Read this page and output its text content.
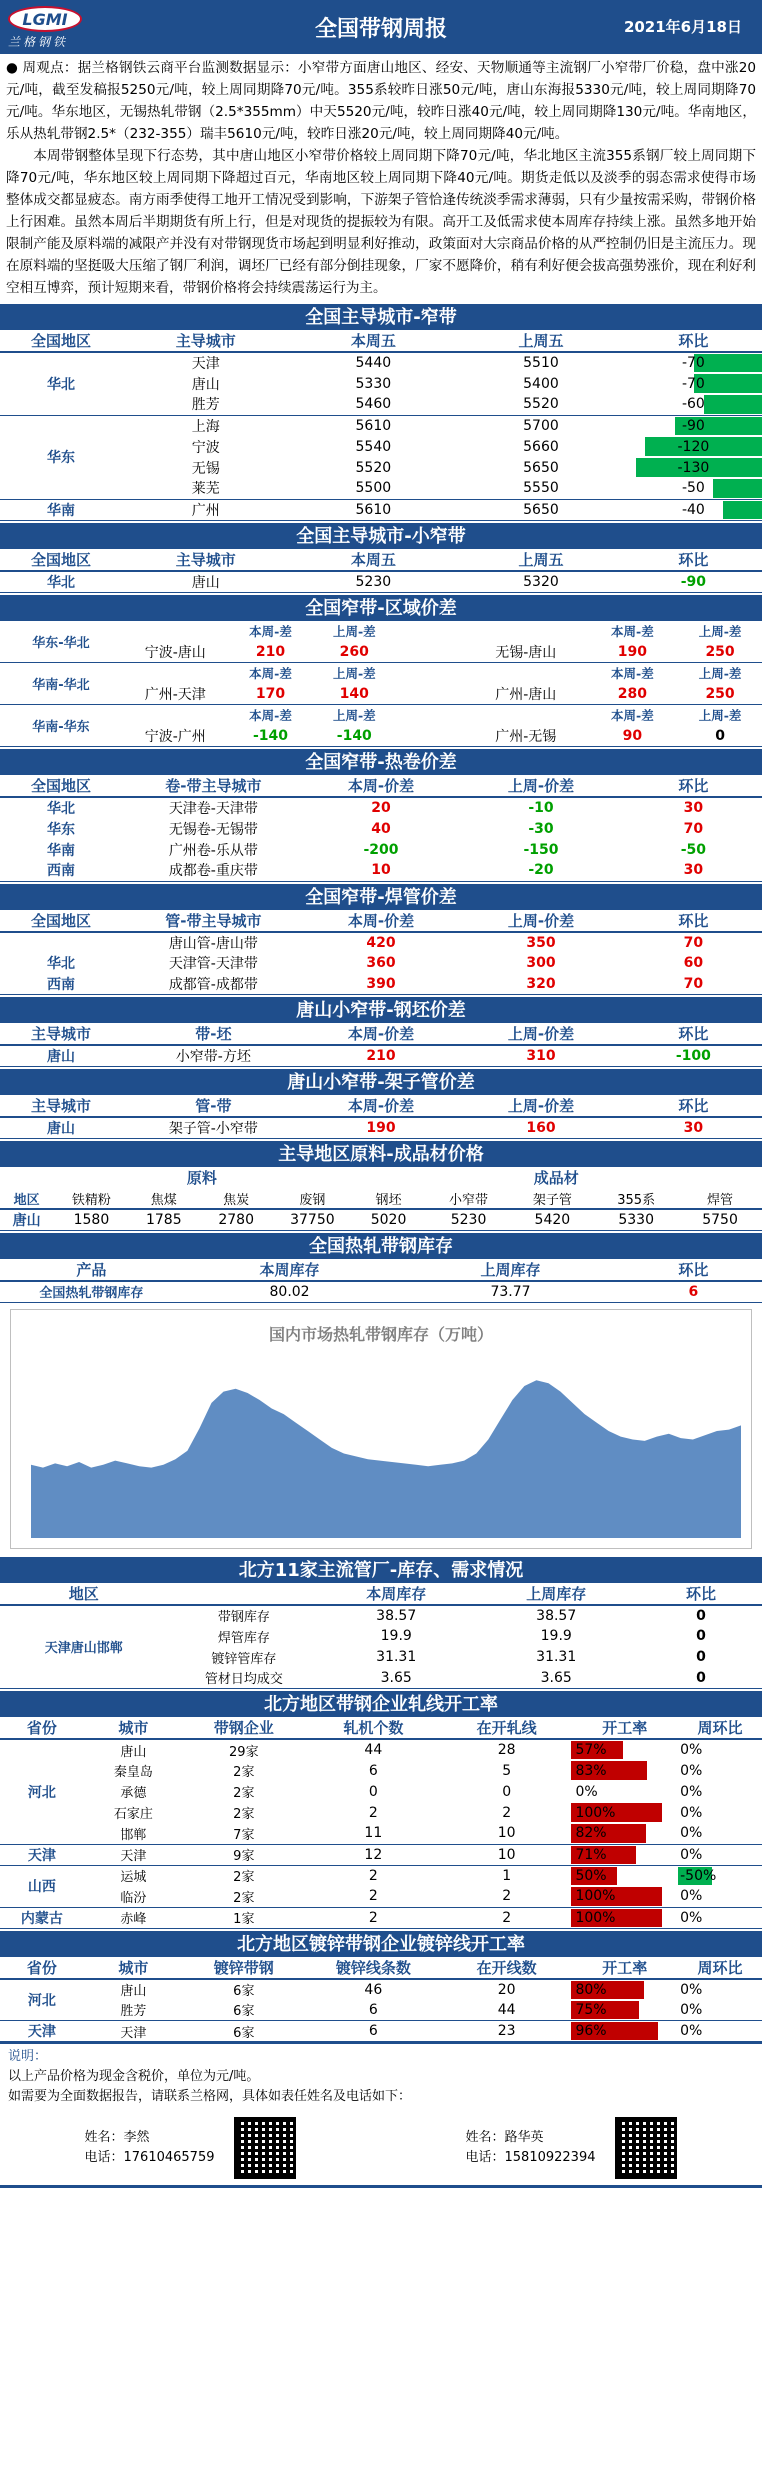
LGMI
兰格钢铁
全国带钢周报	2021年6月18日

● 周观点：据兰格钢铁云商平台监测数据显示：小窄带方面唐山地区、经安、天物顺通等主流钢厂小窄带厂价稳，盘中涨20元/吨，截至发稿报5250元/吨，较上周同期降70元/吨。355系较昨日涨50元/吨，唐山东海报5330元/吨，较上周同期降70元/吨。华东地区，无锡热轧带钢（2.5*355mm）中天5520元/吨，较昨日涨40元/吨，较上周同期降130元/吨。华南地区，乐从热轧带钢2.5*（232-355）瑞丰5610元/吨，较昨日涨20元/吨，较上周同期降40元/吨。

本周带钢整体呈现下行态势，其中唐山地区小窄带价格较上周同期下降70元/吨，华北地区主流355系钢厂较上周同期下降70元/吨，华东地区较上周同期下降超过百元，华南地区较上周同期下降40元/吨。期货走低以及淡季的弱态需求使得市场整体成交都显疲态。南方雨季使得工地开工情况受到影响，下游架子管恰逢传统淡季需求薄弱，只有少量按需采购，带钢价格上行困难。虽然本周后半期期货有所上行，但是对现货的提振较为有限。高开工及低需求使本周库存持续上涨。虽然多地开始限制产能及原料端的减限产并没有对带钢现货市场起到明显利好推动，政策面对大宗商品价格的从严控制仍旧是主流压力。现在原料端的坚挺吸大压缩了钢厂利润，调坯厂已经有部分倒挂现象，厂家不愿降价，稍有利好便会拔高强势涨价，现在利好利空相互博弈，预计短期来看，带钢价格将会持续震荡运行为主。

全国主导城市-窄带
全国地区	主导城市	本周五	上周五	环比
华北	天津	5440	5510	-70
	唐山	5330	5400	-70
	胜芳	5460	5520	-60
华东	上海	5610	5700	-90
	宁波	5540	5660	-120
	无锡	5520	5650	-130
	莱芜	5500	5550	-50
华南	广州	5610	5650	-40
全国主导城市-小窄带
全国地区	主导城市	本周五	上周五	环比
华北	唐山	5230	5320	-90
全国窄带-区域价差
华东-华北		本周-差	上周-差			本周-差	上周-差
	宁波-唐山	210	260		无锡-唐山	190	250
华南-华北		本周-差	上周-差			本周-差	上周-差
	广州-天津	170	140		广州-唐山	280	250
华南-华东		本周-差	上周-差			本周-差	上周-差
	宁波-广州	-140	-140		广州-无锡	90	0
全国窄带-热卷价差
全国地区	卷-带主导城市	本周-价差	上周-价差	环比
华北	天津卷-天津带	20	-10	30
华东	无锡卷-无锡带	40	-30	70
华南	广州卷-乐从带	-200	-150	-50
西南	成都卷-重庆带	10	-20	30
全国窄带-焊管价差
全国地区	管-带主导城市	本周-价差	上周-价差	环比
	唐山管-唐山带	420	350	70
华北	天津管-天津带	360	300	60
西南	成都管-成都带	390	320	70
唐山小窄带-钢坯价差
主导城市	带-坯	本周-价差	上周-价差	环比
唐山	小窄带-方坯	210	310	-100
唐山小窄带-架子管价差
主导城市	管-带	本周-价差	上周-价差	环比
唐山	架子管-小窄带	190	160	30
主导地区原料-成品材价格
	原料				成品材				
地区	铁精粉	焦煤	焦炭	废钢	钢坯	小窄带	架子管	355系	焊管
唐山	1580	1785	2780	37750	5020	5230	5420	5330	5750
全国热轧带钢库存
产品	本周库存	上周库存	环比
全国热轧带钢库存	80.02	73.77	6
国内市场热轧带钢库存（万吨）
北方11家主流管厂-库存、需求情况
地区		本周库存	上周库存	环比
天津唐山邯郸	带钢库存	38.57	38.57	0
	焊管库存	19.9	19.9	0
	镀锌管库存	31.31	31.31	0
	管材日均成交	3.65	3.65	0
北方地区带钢企业轧线开工率
省份	城市	带钢企业	轧机个数	在开轧线	开工率	周环比
河北	唐山	29家	44	28	57%	0%
	秦皇岛	2家	6	5	83%	0%
	承德	2家	0	0	0%	0%
	石家庄	2家	2	2	100%	0%
	邯郸	7家	11	10	82%	0%
天津	天津	9家	12	10	71%	0%
山西	运城	2家	2	1	50%	-50%
	临汾	2家	2	2	100%	0%
内蒙古	赤峰	1家	2	2	100%	0%
北方地区镀锌带钢企业镀锌线开工率
省份	城市	镀锌带钢	镀锌线条数	在开线数	开工率	周环比
河北	唐山	6家	46	20	80%	0%
	胜芳	6家	6	44	75%	0%
天津	天津	6家	6	23	96%	0%
说明：
以上产品价格为现金含税价，单位为元/吨。
如需要为全面数据报告，请联系兰格网，具体如表任姓名及电话如下：
姓名：李然
电话：17610465759
姓名：路华英
电话：15810922394
